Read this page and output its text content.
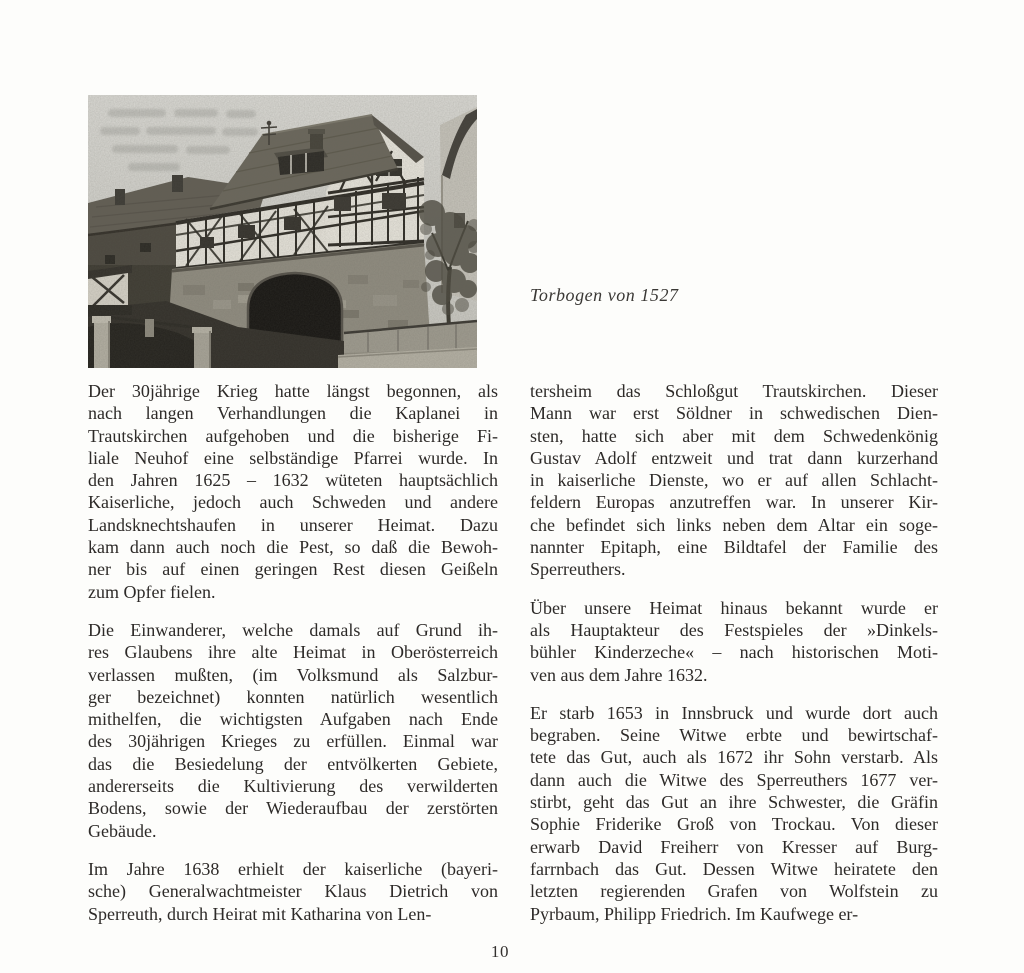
Torbogen von 1527
Der 30jährige Krieg hatte längst begonnen, als
nach langen Verhandlungen die Kaplanei in
Trautskirchen aufgehoben und die bisherige Fi-
liale Neuhof eine selbständige Pfarrei wurde. In
den Jahren 1625 – 1632 wüteten hauptsächlich
Kaiserliche, jedoch auch Schweden und andere
Landsknechtshaufen in unserer Heimat. Dazu
kam dann auch noch die Pest, so daß die Bewoh-
ner bis auf einen geringen Rest diesen Geißeln
zum Opfer fielen.
Die Einwanderer, welche damals auf Grund ih-
res Glaubens ihre alte Heimat in Oberösterreich
verlassen mußten, (im Volksmund als Salzbur-
ger bezeichnet) konnten natürlich wesentlich
mithelfen, die wichtigsten Aufgaben nach Ende
des 30jährigen Krieges zu erfüllen. Einmal war
das die Besiedelung der entvölkerten Gebiete,
andererseits die Kultivierung des verwilderten
Bodens, sowie der Wiederaufbau der zerstörten
Gebäude.
Im Jahre 1638 erhielt der kaiserliche (bayeri-
sche) Generalwachtmeister Klaus Dietrich von
Sperreuth, durch Heirat mit Katharina von Len-
tersheim das Schloßgut Trautskirchen. Dieser
Mann war erst Söldner in schwedischen Dien-
sten, hatte sich aber mit dem Schwedenkönig
Gustav Adolf entzweit und trat dann kurzerhand
in kaiserliche Dienste, wo er auf allen Schlacht-
feldern Europas anzutreffen war. In unserer Kir-
che befindet sich links neben dem Altar ein soge-
nannter Epitaph, eine Bildtafel der Familie des
Sperreuthers.
Über unsere Heimat hinaus bekannt wurde er
als Hauptakteur des Festspieles der »Dinkels-
bühler Kinderzeche« – nach historischen Moti-
ven aus dem Jahre 1632.
Er starb 1653 in Innsbruck und wurde dort auch
begraben. Seine Witwe erbte und bewirtschaf-
tete das Gut, auch als 1672 ihr Sohn verstarb. Als
dann auch die Witwe des Sperreuthers 1677 ver-
stirbt, geht das Gut an ihre Schwester, die Gräfin
Sophie Friderike Groß von Trockau. Von dieser
erwarb David Freiherr von Kresser auf Burg-
farrnbach das Gut. Dessen Witwe heiratete den
letzten regierenden Grafen von Wolfstein zu
Pyrbaum, Philipp Friedrich. Im Kaufwege er-
10
